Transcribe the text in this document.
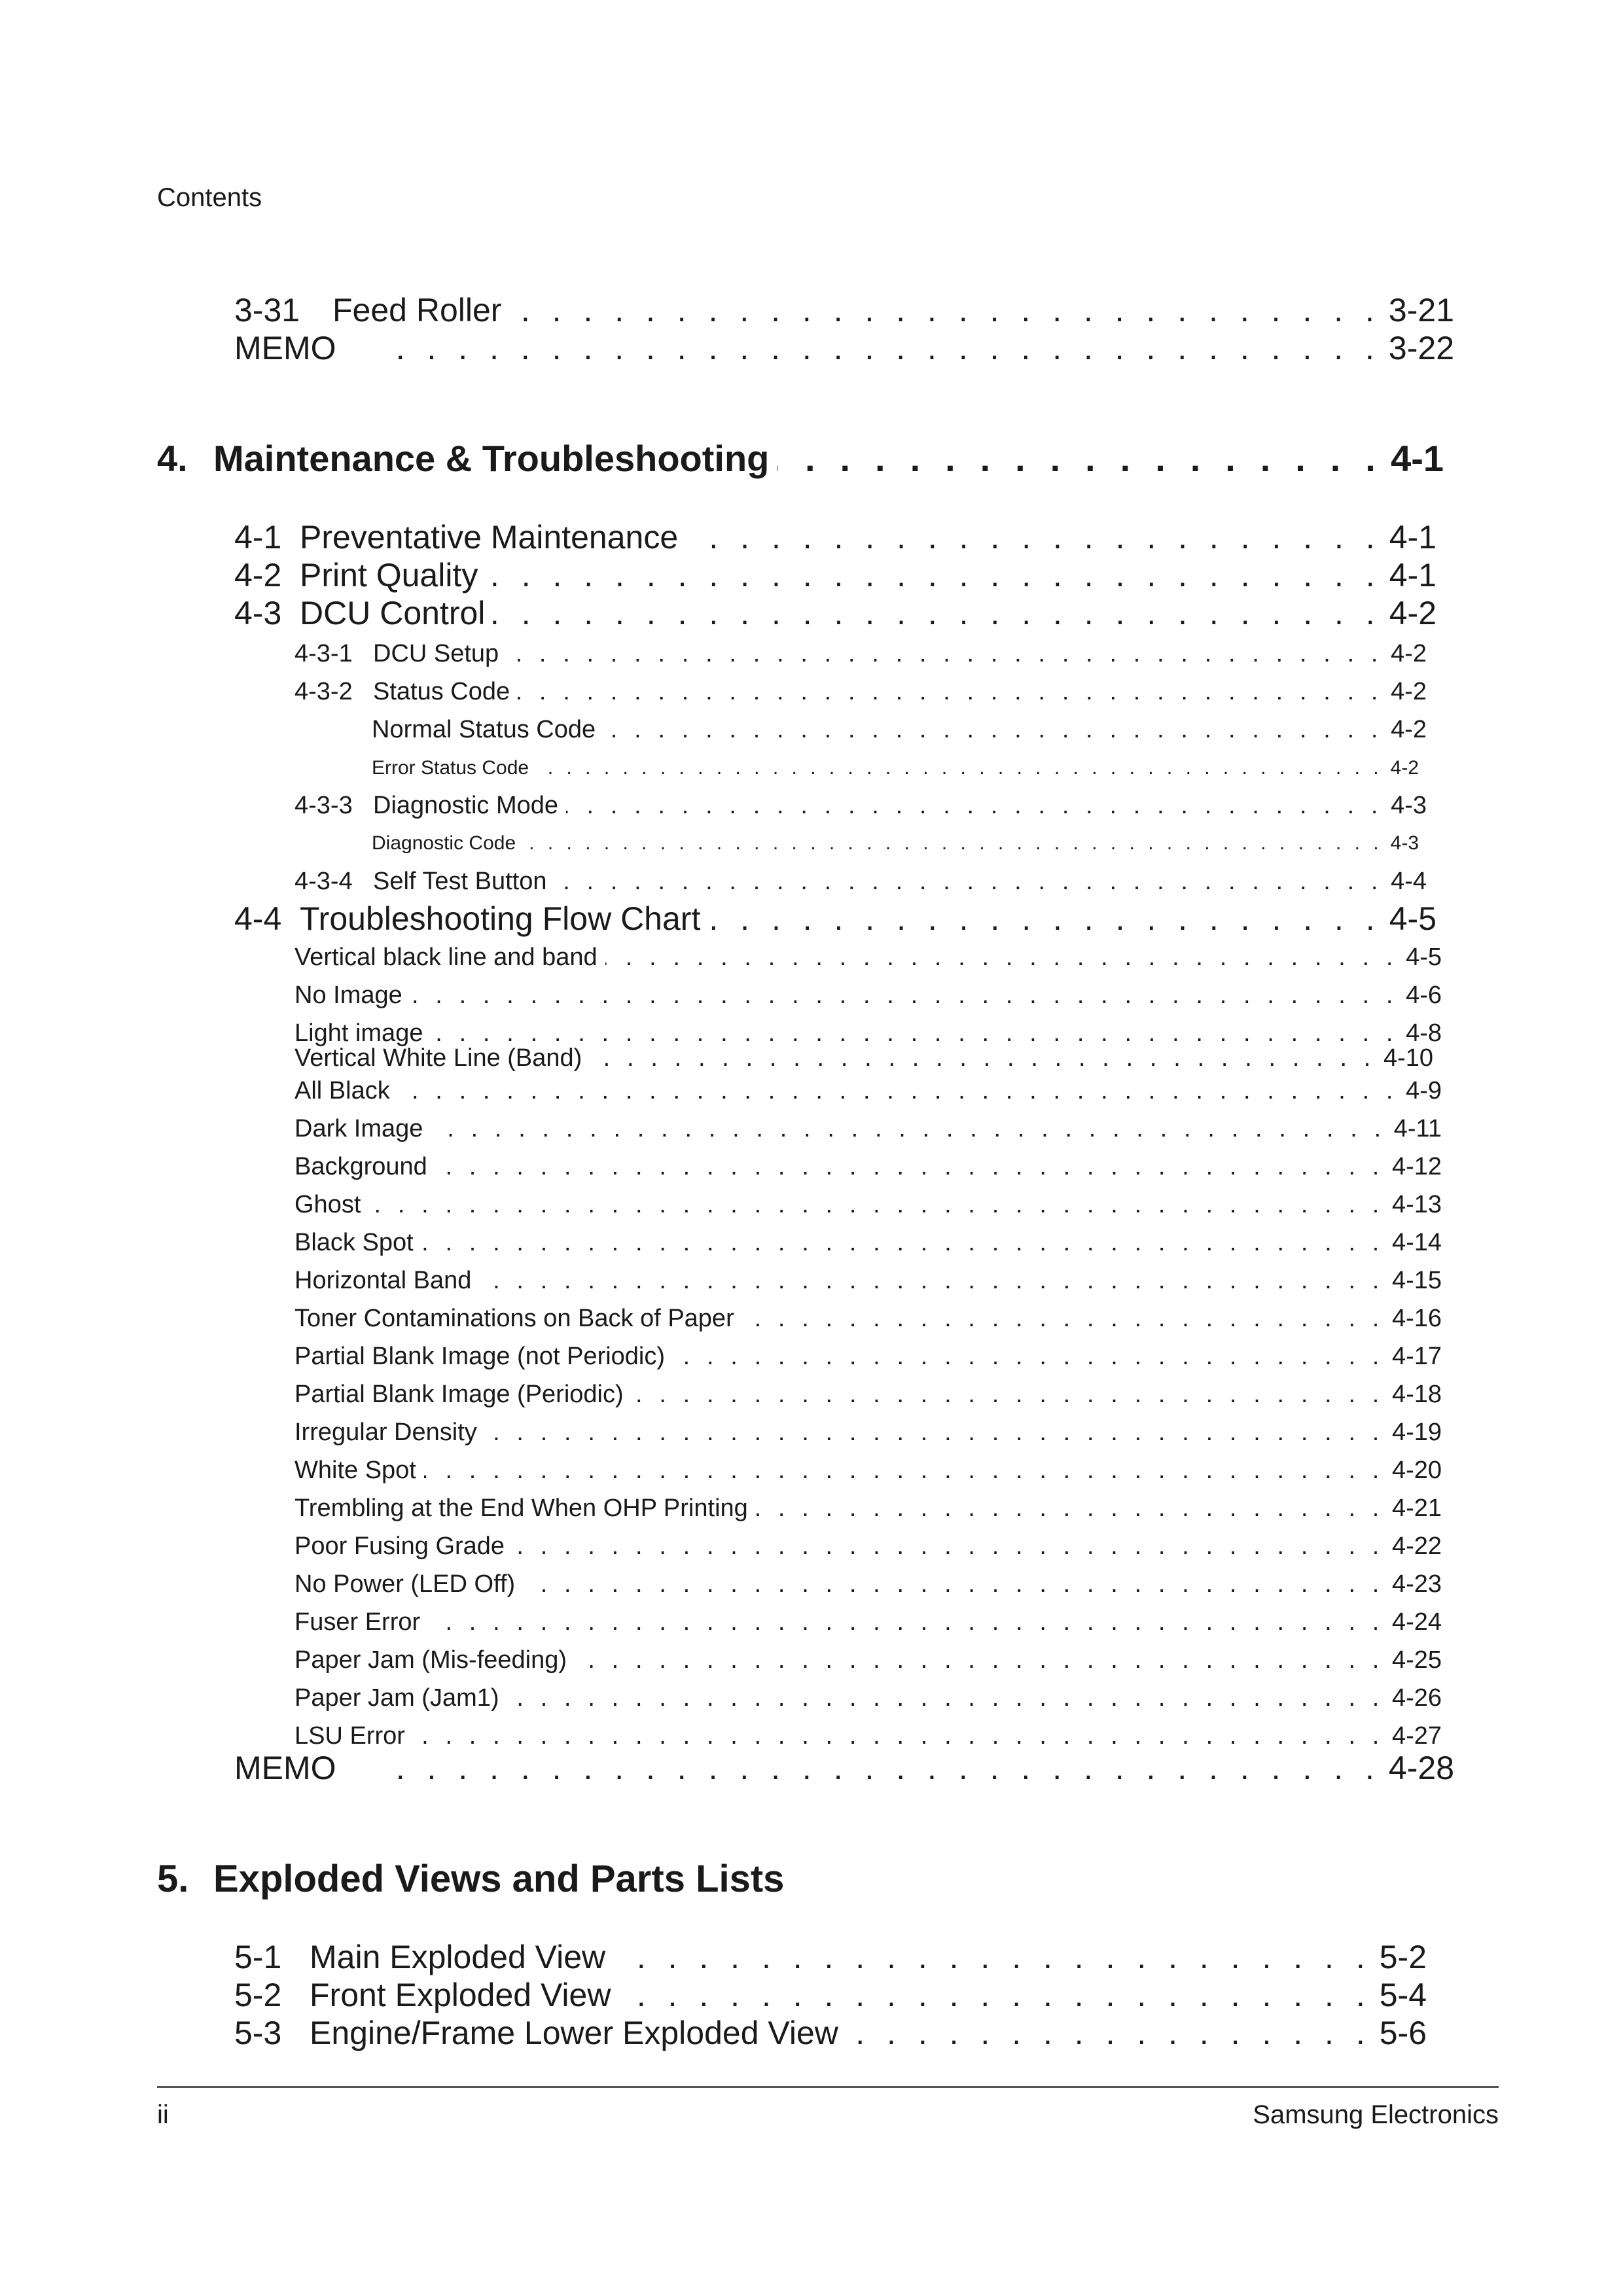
Contents
3-31 Feed Roller . . .	3-21
MEMO . . .	3-22
4. Maintenance & Troubleshooting . . .	4-1
4-1 Preventative Maintenance . . .	4-1
4-2 Print Quality . . .	4-1
4-3 DCU Control . . .	4-2
4-3-1 DCU Setup . . .	4-2
4-3-2 Status Code . . .	4-2
Normal Status Code . . .	4-2
Error Status Code . . .	4-2
4-3-3 Diagnostic Mode . . .	4-3
Diagnostic Code . . .	4-3
4-3-4 Self Test Button . . .	4-4
4-4 Troubleshooting Flow Chart . . .	4-5
Vertical black line and band . . .	4-5
No Image . . .	4-6
Light image . . .	4-8
Vertical White Line (Band) . . .	4-10
All Black . . .	4-9
Dark Image . . .	4-11
Background . . .	4-12
Ghost . . .	4-13
Black Spot . . .	4-14
Horizontal Band . . .	4-15
Toner Contaminations on Back of Paper . . .	4-16
Partial Blank Image (not Periodic) . . .	4-17
Partial Blank Image (Periodic) . . .	4-18
Irregular Density . . .	4-19
White Spot . . .	4-20
Trembling at the End When OHP Printing . . .	4-21
Poor Fusing Grade . . .	4-22
No Power (LED Off) . . .	4-23
Fuser Error . . .	4-24
Paper Jam (Mis-feeding) . . .	4-25
Paper Jam (Jam1) . . .	4-26
LSU Error . . .	4-27
MEMO . . .	4-28
5. Exploded Views and Parts Lists
5-1 Main Exploded View . . .	5-2
5-2 Front Exploded View . . .	5-4
5-3 Engine/Frame Lower Exploded View . . .	5-6
ii	Samsung Electronics
